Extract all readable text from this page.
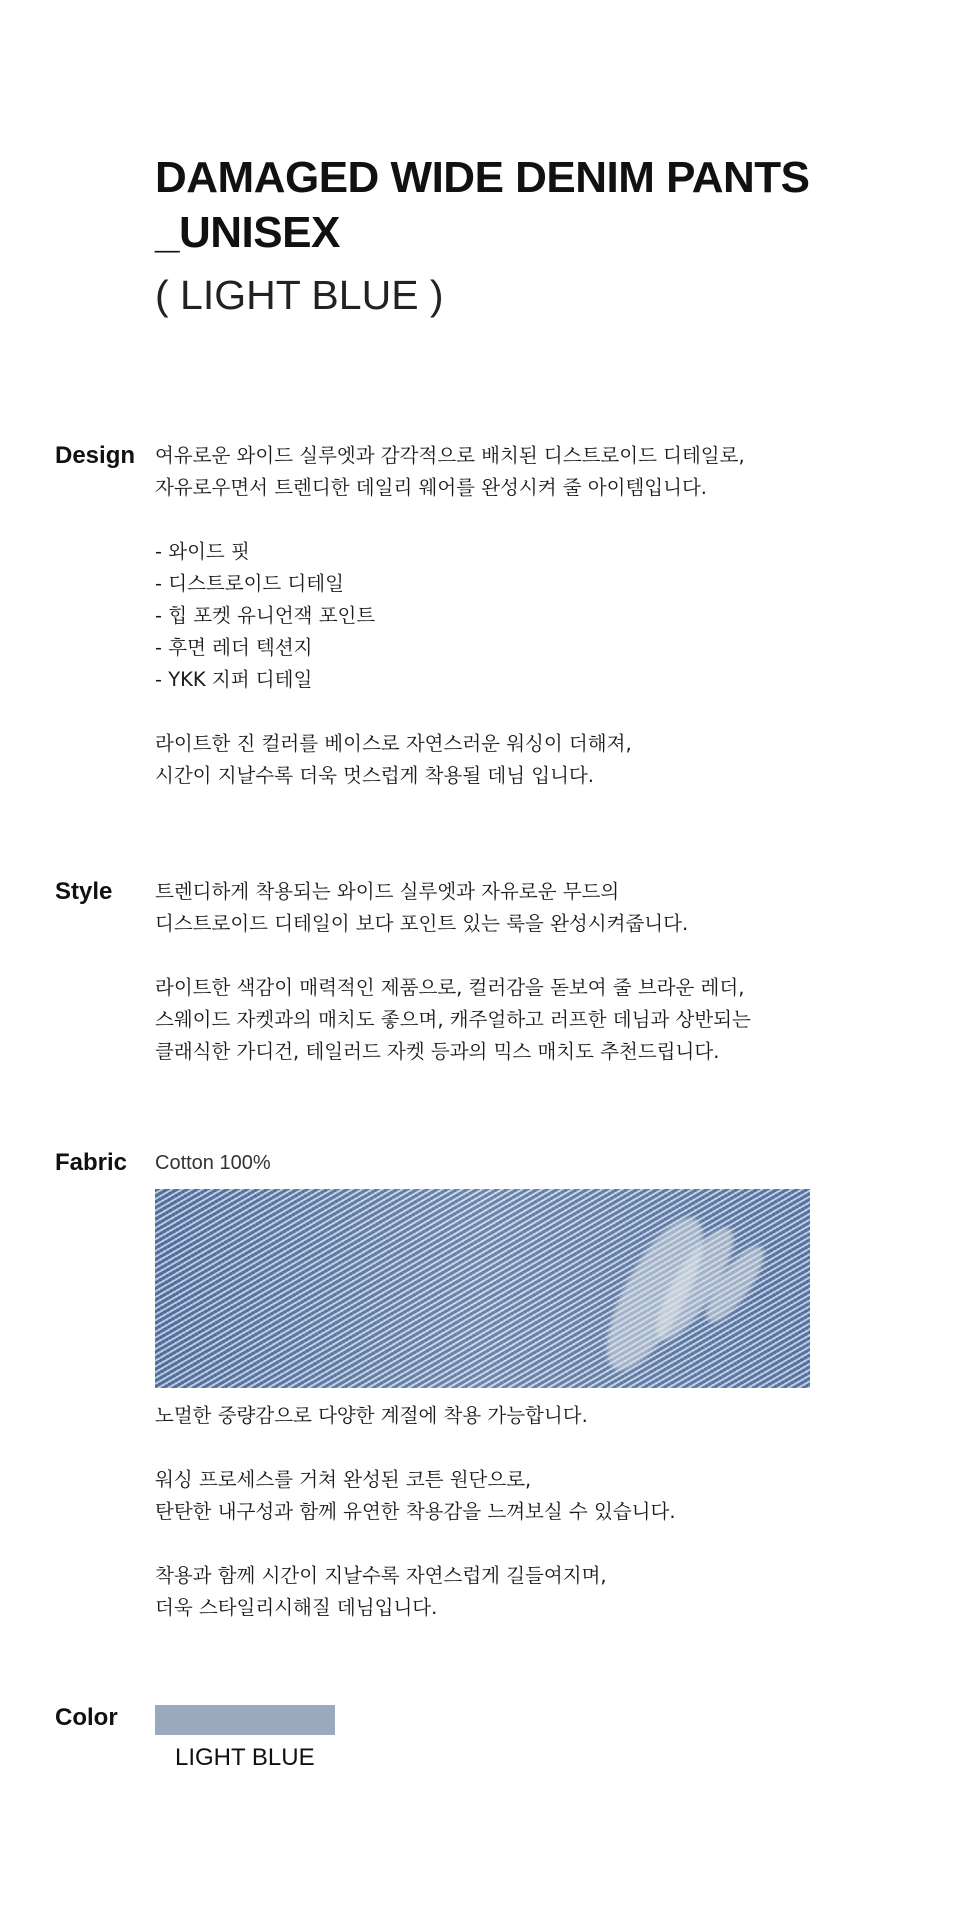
DAMAGED WIDE DENIM PANTS
_UNISEX

( LIGHT BLUE )

Design 여유로운 와이드 실루엣과 감각적으로 배치된 디스트로이드 디테일로,
자유로우면서 트렌디한 데일리 웨어를 완성시켜 줄 아이템입니다.
- 와이드 핏
- 디스트로이드 디테일
- 힙 포켓 유니언잭 포인트
- 후면 레더 텍션지
- YKK 지퍼 디테일
라이트한 진 컬러를 베이스로 자연스러운 워싱이 더해져,
시간이 지날수록 더욱 멋스럽게 착용될 데님 입니다.
Style 트렌디하게 착용되는 와이드 실루엣과 자유로운 무드의
디스트로이드 디테일이 보다 포인트 있는 룩을 완성시켜줍니다.
라이트한 색감이 매력적인 제품으로, 컬러감을 돋보여 줄 브라운 레더,
스웨이드 자켓과의 매치도 좋으며, 캐주얼하고 러프한 데님과 상반되는
클래식한 가디건, 테일러드 자켓 등과의 믹스 매치도 추천드립니다.
Fabric Cotton 100%
노멀한 중량감으로 다양한 계절에 착용 가능합니다.
워싱 프로세스를 거쳐 완성된 코튼 원단으로,
탄탄한 내구성과 함께 유연한 착용감을 느껴보실 수 있습니다.
착용과 함께 시간이 지날수록 자연스럽게 길들여지며,
더욱 스타일리시해질 데님입니다.
Color
LIGHT BLUE
